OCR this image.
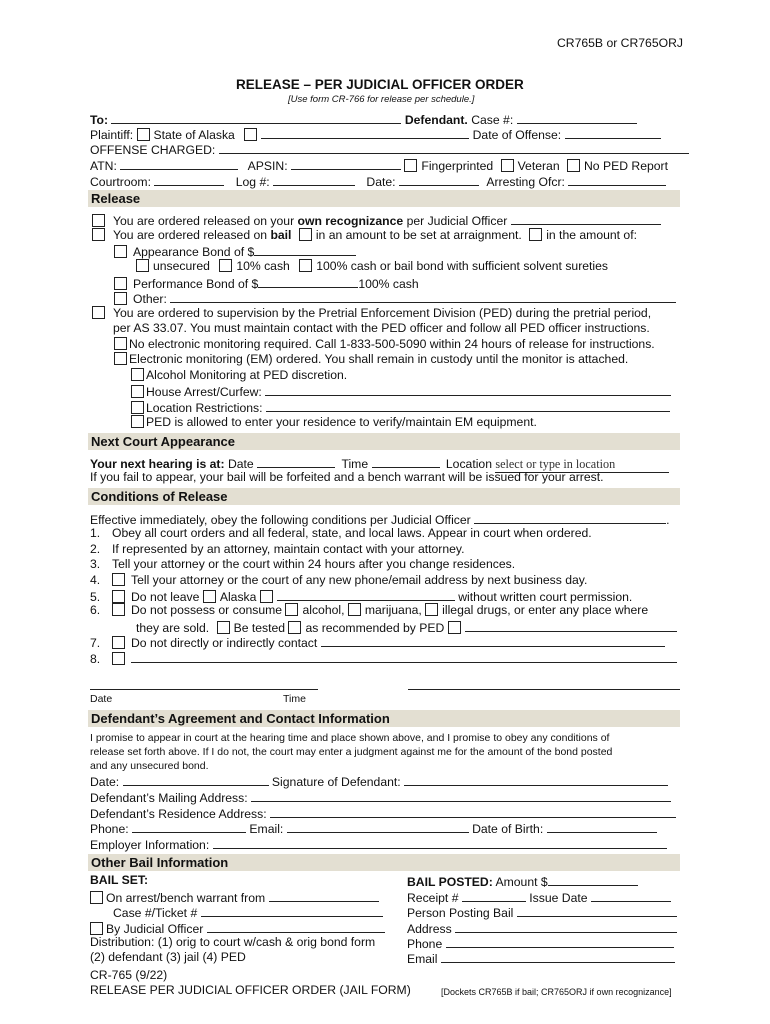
CR765B or CR765ORJ
RELEASE – PER JUDICIAL OFFICER ORDER
[Use form CR-766 for release per schedule.]
To:	Defendant. Case #:
Plaintiff: State of Alaska	Date of Offense:
OFFENSE CHARGED:
ATN:	APSIN:	Fingerprinted Veteran No PED Report
Courtroom:	Log #:	Date:	Arresting Ofcr:
Release
You are ordered released on your own recognizance per Judicial Officer
You are ordered released on bail in an amount to be set at arraignment. in the amount of:
Appearance Bond of $
unsecured 10% cash 100% cash or bail bond with sufficient solvent sureties
Performance Bond of $	100% cash
Other:
You are ordered to supervision by the Pretrial Enforcement Division (PED) during the pretrial period,
per AS 33.07. You must maintain contact with the PED officer and follow all PED officer instructions.
No electronic monitoring required. Call 1-833-500-5090 within 24 hours of release for instructions.
Electronic monitoring (EM) ordered. You shall remain in custody until the monitor is attached.
Alcohol Monitoring at PED discretion.
House Arrest/Curfew:
Location Restrictions:
PED is allowed to enter your residence to verify/maintain EM equipment.
Next Court Appearance
Your next hearing is at: Date	Time	Location select or type in location
If you fail to appear, your bail will be forfeited and a bench warrant will be issued for your arrest.
Conditions of Release
Effective immediately, obey the following conditions per Judicial Officer	.
1. Obey all court orders and all federal, state, and local laws. Appear in court when ordered.
2. If represented by an attorney, maintain contact with your attorney.
3. Tell your attorney or the court within 24 hours after you change residences.
4.	Tell your attorney or the court of any new phone/email address by next business day.
5.	Do not leave Alaska	without written court permission.
6.	Do not possess or consume alcohol, marijuana, illegal drugs, or enter any place where
they are sold. Be tested as recommended by PED
7.	Do not directly or indirectly contact
8.
Date	Time
Defendant’s Agreement and Contact Information
I promise to appear in court at the hearing time and place shown above, and I promise to obey any conditions of
release set forth above. If I do not, the court may enter a judgment against me for the amount of the bond posted
and any unsecured bond.
Date:	Signature of Defendant:
Defendant’s Mailing Address:
Defendant’s Residence Address:
Phone:	Email:	Date of Birth:
Employer Information:
Other Bail Information
BAIL SET:
On arrest/bench warrant from
Case #/Ticket #
By Judicial Officer
Distribution: (1) orig to court w/cash & orig bond form
(2) defendant (3) jail (4) PED
BAIL POSTED: Amount $
Receipt #	Issue Date
Person Posting Bail
Address
Phone
Email
CR-765 (9/22)
RELEASE PER JUDICIAL OFFICER ORDER (JAIL FORM)	[Dockets CR765B if bail; CR765ORJ if own recognizance]
